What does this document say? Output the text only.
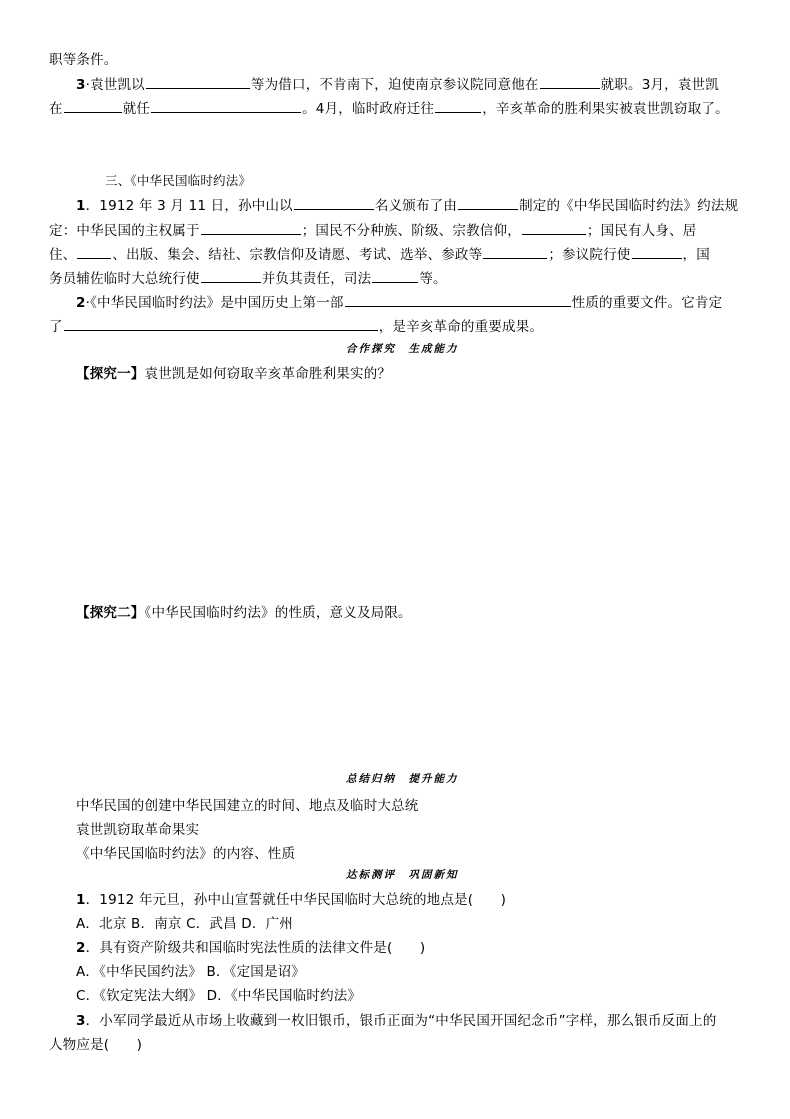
职等条件。
3·袁世凯以	等为借口，不肯南下，迫使南京参议院同意他在	就职。3月，袁世凯
在	就任	。4月，临时政府迁往	，辛亥革命的胜利果实被袁世凯窃取了。
三、《中华民国临时约法》
1．1912 年 3 月 11 日，孙中山以	名义颁布了由	制定的《中华民国临时约法》约法规
定：中华民国的主权属于	；国民不分种族、阶级、宗教信仰，	；国民有人身、居
住、	、出版、集会、结社、宗教信仰及请愿、考试、选举、参政等	；参议院行使	，国
务员辅佐临时大总统行使	并负其责任，司法	等。
2·《中华民国临时约法》是中国历史上第一部	性质的重要文件。它肯定
了	，是辛亥革命的重要成果。
合作探究　生成能力
【探究一】袁世凯是如何窃取辛亥革命胜利果实的？
【探究二】《中华民国临时约法》的性质，意义及局限。
总结归纳　提升能力
中华民国的创建中华民国建立的时间、地点及临时大总统
袁世凯窃取革命果实
《中华民国临时约法》的内容、性质
达标测评　巩固新知
1．1912 年元旦，孙中山宣誓就任中华民国临时大总统的地点是(　　)
A．北京 B．南京 C．武昌 D．广州
2．具有资产阶级共和国临时宪法性质的法律文件是(　　)
A．《中华民国约法》 B．《定国是诏》
C．《钦定宪法大纲》 D．《中华民国临时约法》
3．小军同学最近从市场上收藏到一枚旧银币，银币正面为“中华民国开国纪念币”字样，那么银币反面上的
人物应是(　　)
